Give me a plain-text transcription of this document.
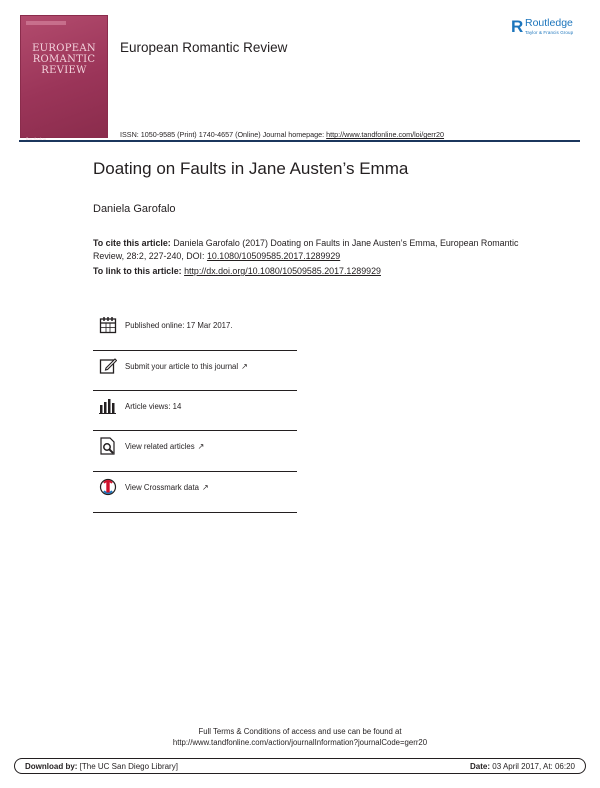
EUROPEAN
ROMANTIC
REVIEW
European Romantic Review
R Routledge
Taylor & Francis Group
ISSN: 1050-9585 (Print) 1740-4657 (Online) Journal homepage: http://www.tandfonline.com/loi/gerr20
Doating on Faults in Jane Austen’s Emma
Daniela Garofalo
To cite this article: Daniela Garofalo (2017) Doating on Faults in Jane Austen’s Emma, European Romantic Review, 28:2, 227-240, DOI: 10.1080/10509585.2017.1289929
To link to this article: http://dx.doi.org/10.1080/10509585.2017.1289929
Published online: 17 Mar 2017.
Submit your article to this journal ↗
Article views: 14
View related articles ↗
View Crossmark data ↗
Full Terms & Conditions of access and use can be found at
http://www.tandfonline.com/action/journalInformation?journalCode=gerr20
Download by: [The UC San Diego Library]	Date: 03 April 2017, At: 06:20
